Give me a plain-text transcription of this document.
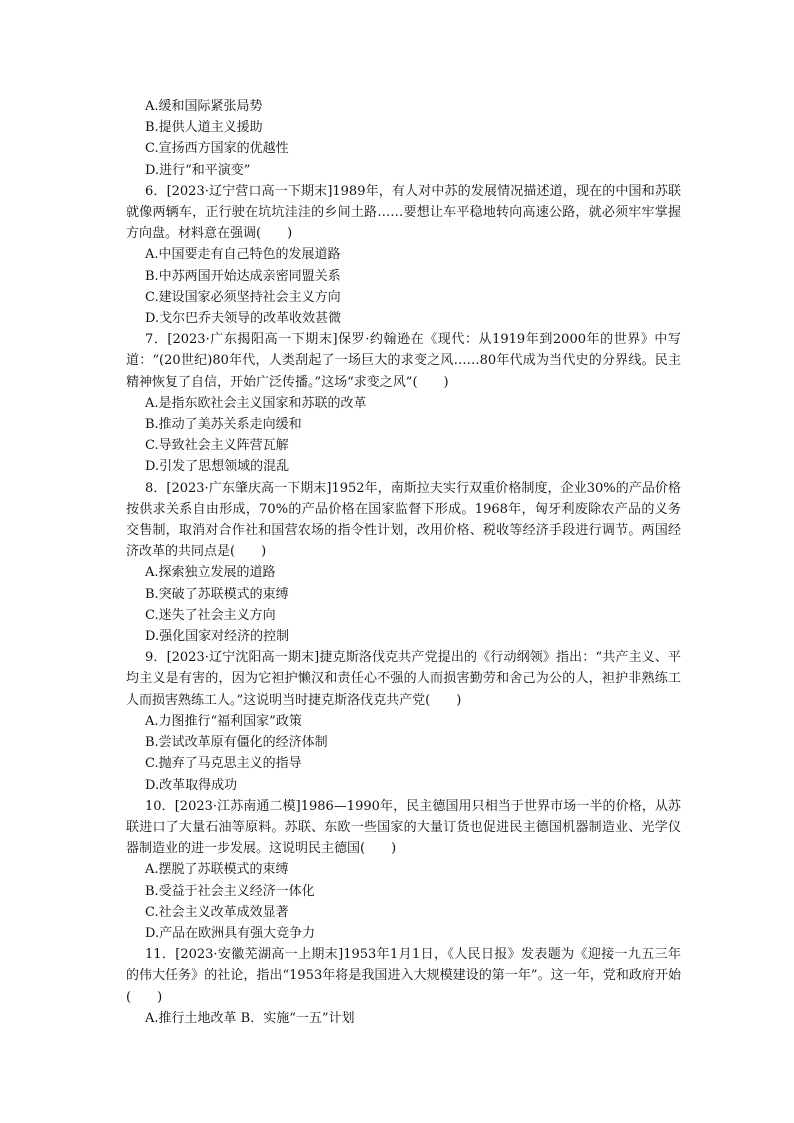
A.缓和国际紧张局势
B.提供人道主义援助
C.宣扬西方国家的优越性
D.进行“和平演变”
6．[2023·辽宁营口高一下期末]1989年，有人对中苏的发展情况描述道，现在的中国和苏联就像两辆车，正行驶在坑坑洼洼的乡间土路……要想让车平稳地转向高速公路，就必须牢牢掌握方向盘。材料意在强调(　　)
A.中国要走有自己特色的发展道路
B.中苏两国开始达成亲密同盟关系
C.建设国家必须坚持社会主义方向
D.戈尔巴乔夫领导的改革收效甚微
7．[2023·广东揭阳高一下期末]保罗·约翰逊在《现代：从1919年到2000年的世界》中写道：“(20世纪)80年代，人类刮起了一场巨大的求变之风……80年代成为当代史的分界线。民主精神恢复了自信，开始广泛传播。”这场“求变之风”(　　)
A.是指东欧社会主义国家和苏联的改革
B.推动了美苏关系走向缓和
C.导致社会主义阵营瓦解
D.引发了思想领域的混乱
8．[2023·广东肇庆高一下期末]1952年，南斯拉夫实行双重价格制度，企业30%的产品价格按供求关系自由形成，70%的产品价格在国家监督下形成。1968年，匈牙利废除农产品的义务交售制，取消对合作社和国营农场的指令性计划，改用价格、税收等经济手段进行调节。两国经济改革的共同点是(　　)
A.探索独立发展的道路
B.突破了苏联模式的束缚
C.迷失了社会主义方向
D.强化国家对经济的控制
9．[2023·辽宁沈阳高一期末]捷克斯洛伐克共产党提出的《行动纲领》指出：“共产主义、平均主义是有害的，因为它袒护懒汉和责任心不强的人而损害勤劳和舍己为公的人，袒护非熟练工人而损害熟练工人。”这说明当时捷克斯洛伐克共产党(　　)
A.力图推行“福利国家”政策
B.尝试改革原有僵化的经济体制
C.抛弃了马克思主义的指导
D.改革取得成功
10．[2023·江苏南通二模]1986—1990年，民主德国用只相当于世界市场一半的价格，从苏联进口了大量石油等原料。苏联、东欧一些国家的大量订货也促进民主德国机器制造业、光学仪器制造业的进一步发展。这说明民主德国(　　)
A.摆脱了苏联模式的束缚
B.受益于社会主义经济一体化
C.社会主义改革成效显著
D.产品在欧洲具有强大竞争力
11．[2023·安徽芜湖高一上期末]1953年1月1日，《人民日报》发表题为《迎接一九五三年的伟大任务》的社论，指出“1953年将是我国进入大规模建设的第一年”。这一年，党和政府开始(　　)
A.推行土地改革 B．实施“一五”计划
